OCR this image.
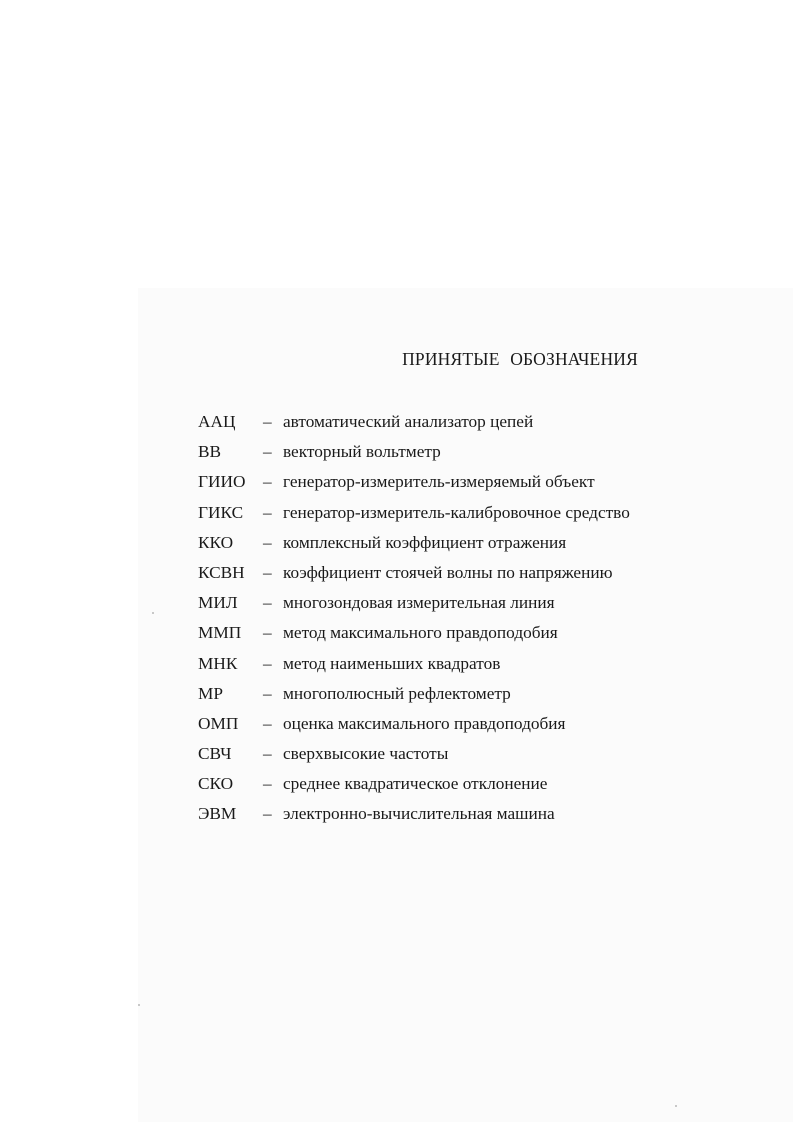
ПРИНЯТЫЕ ОБОЗНАЧЕНИЯ
ААЦ – автоматический анализатор цепей
ВВ – векторный вольтметр
ГИИО – генератор-измеритель-измеряемый объект
ГИКС – генератор-измеритель-калибровочное средство
ККО – комплексный коэффициент отражения
КСВН – коэффициент стоячей волны по напряжению
МИЛ – многозондовая измерительная линия
ММП – метод максимального правдоподобия
МНК – метод наименьших квадратов
МР – многополюсный рефлектометр
ОМП – оценка максимального правдоподобия
СВЧ – сверхвысокие частоты
СКО – среднее квадратическое отклонение
ЭВМ – электронно-вычислительная машина
